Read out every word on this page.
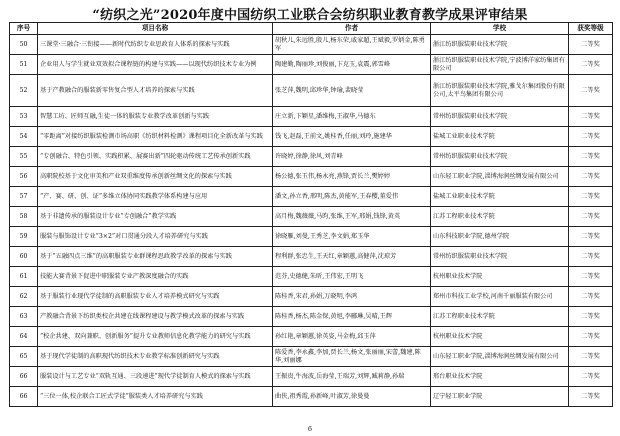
“纺织之光”2020年度中国纺织工业联合会纺织职业教育教学成果评审结果
序号	项目名称	作者	学校	获奖等级
50	三课堂·三融合·三衔接——新时代纺织专业思政育人体系的探索与实践	胡秋儿,朱远胜,殷儿,杨东荣,戚家超,王斌毅,罗炳金,陈勇军	浙江纺织服装职业技术学院	二等奖
51	企业用人与学生就业双效拟合课程链的构建与实践——以现代纺织技术专业为例	陶建勤,陶丽珍,刘俊丽,卞克玉,袁震,郭雪峰	浙江纺织服装职业技术学院,宁波博洋家纺集团有限公司	二等奖
52	基于产教融合的服装新零售复合型人才培养的探索与实践	张芝萍,魏明,邱珍华,钟瑜,裴晓莹	浙江纺织服装职业技术学院,雅戈尔集团股份有限公司,太平鸟集团有限公司	二等奖
53	智慧工坊、匠师互融,生徒一体的服装专业教学改革创新与实践	庄立新,卞颖星,潘维梅,王淑华,马德东	常州纺织服装职业技术学院	二等奖
54	“零距离”对接纺织服装检测市场高职《纺织材料检测》课程项目化全新改革与实践	钱飞,赵磊,王前文,姚桂香,任丽,刘玲,施建华	盐城工业职业技术学院	二等奖
55	“专创融合、特色引领、实践积累、展赛出新”四轮驱动传统工艺传承创新实践	许晓婷,徐静,徐风,刘青峰	常州纺织服装职业技术学院	二等奖
56	高职院校基于文化审美和产业双重维度传承创新丝绸文化的探索与实践	杨公德,张玉伟,杨永亮,燕锋,贾长兰,樊婷婷	山东轻工职业学院,淄博海润丝绸发展有限公司	二等奖
57	“产、赛、研、创、证”多维立体协同实践教学体系构建与应用	潘文,孙立香,邢明,陈杰,黄能军,王春樱,董爱伟	盐城工业职业技术学院	二等奖
58	基于非遗传承的服装设计专业“专创融合”教学实践	高月梅,魏薇薇,马昀,张维,王军,邢娟,钱锋,黄英	江苏工程职业技术学院	二等奖
59	服装与服饰设计专业“3×2”对口贯通分段人才培养研究与实践	徐晓雁,刘曼,王秀芝,李文娟,郑玉华	山东科技职业学院,德州学院	二等奖
60	基于“五融四点三维”的高职服装专业群课程思政教学改革的探索与实践	程利群,张忠生,王天红,章颖蕙,高健萍,沈琼芳	常州纺织服装职业技术学院	二等奖
61	技能大赛背景下促进中职服装专业产教深度融合的实践	范芬,史德健,朱昕,王伟宏,王明飞	杭州职业技术学院	二等奖
62	基于服装行业现代学徒制的高职服装专业人才培养模式研究与实践	陈桂香,宋君,孙娟,万晓明,李鸿	郑州市科技工业学校,河南千丽服装有限公司	二等奖
63	产教融合背景下纺织类校企共建在线课程建设与教学模式改革的探索与实践	陈桂香,杨杰,陈金保,黄旭,李郦琳,吴晴,王辉	江苏工程职业技术学院	二等奖
64	“校企共建、双向兼职、创新服务”提升专业教师信息化教学能力的研究与实践	孙红艳,章颖蕙,徐英姿,马金梅,邱玉萍	杭州职业技术学院	二等奖
65	基于现代学徒制的高职现代纺织技术专业教学标准创新研究与实践	陈爱香,李永鑫,李加,贾长兰,杨文,张丽丽,宋蕾,魏建,陈华,刘丽娜	山东轻工职业学院,淄博海润丝绸发展有限公司	二等奖
66	服装设计与工艺专业“双轨互通、三段递进”现代学徒制育人模式的探索与实践	王振贵,牛海波,岳海莹,王瑞芳,刘辉,臧莉静,孙瑞	邢台职业技术学院	二等奖
66	“三位一体,校企联合工匠式学徒”服装类人才培养研究与实践	曲侠,祖秀霞,孙新峰,叶淑芳,徐曼曼	辽宁轻工职业学院	二等奖
6
